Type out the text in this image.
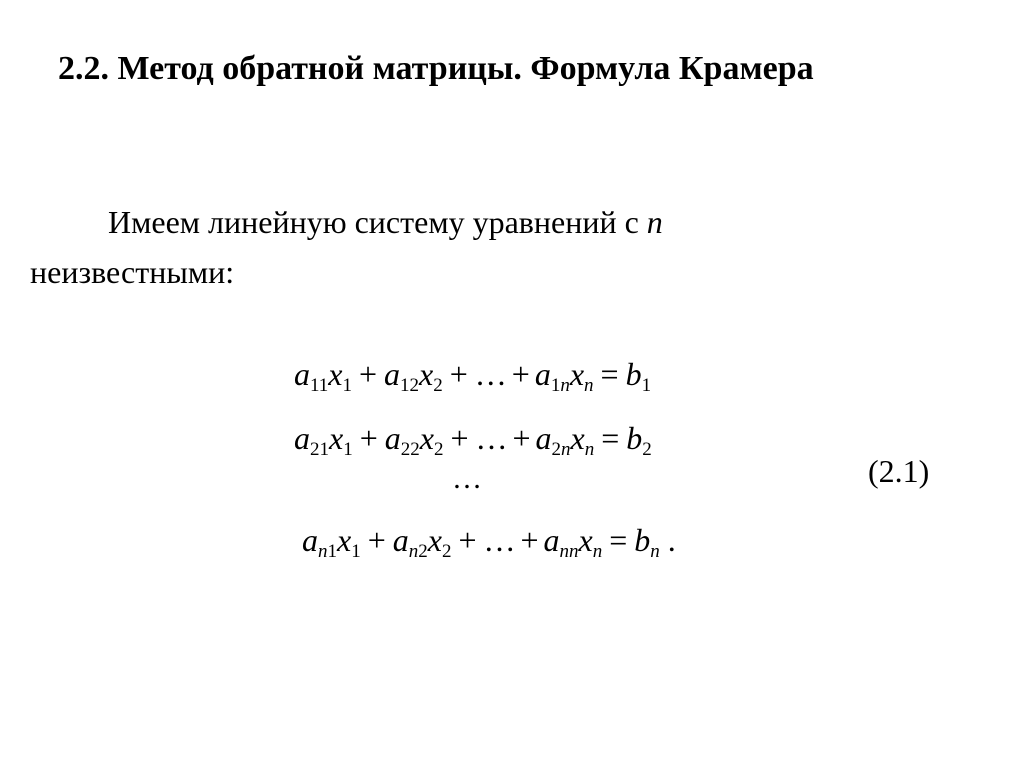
2.2. Метод обратной матрицы. Формула Крамера
Имеем линейную систему уравнений с n
неизвестными:
a11x1 + a12x2 + … + a1nxn = b1
a21x1 + a22x2 + … + a2nxn = b2
…
an1x1 + an2x2 + … + annxn = bn .
(2.1)
